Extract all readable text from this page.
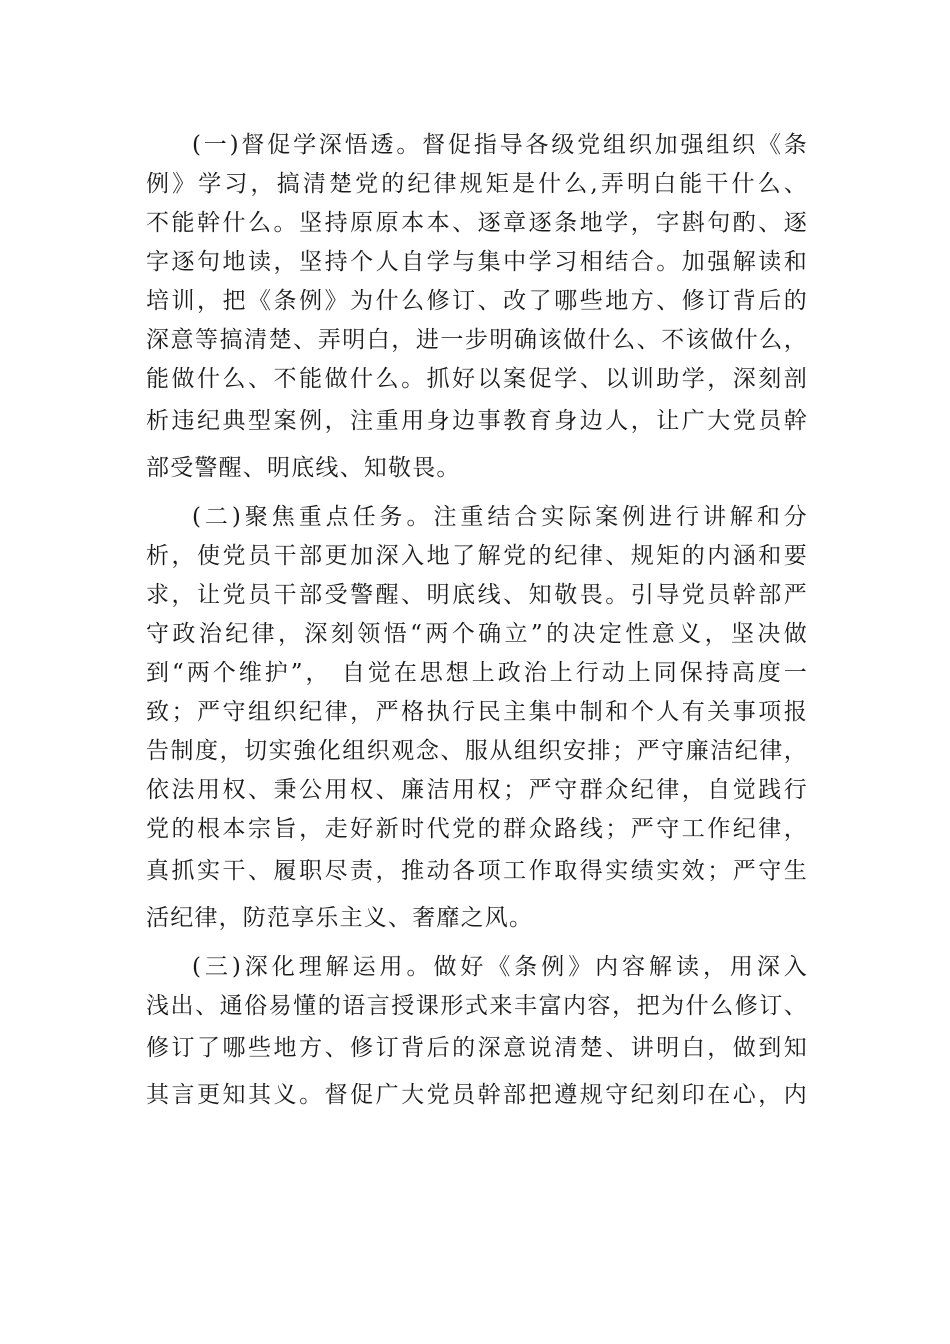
(一)督促学深悟透。督促指导各级党组织加强组织《条
例》学习，搞清楚党的纪律规矩是什么,弄明白能干什么、
不能幹什么。坚持原原本本、逐章逐条地学，字斟句酌、逐
字逐句地读，坚持个人自学与集中学习相结合。加强解读和
培训，把《条例》为什么修订、改了哪些地方、修订背后的
深意等搞清楚、弄明白，进一步明确该做什么、不该做什么，
能做什么、不能做什么。抓好以案促学、以训助学，深刻剖
析违纪典型案例，注重用身边事教育身边人，让广大党员幹
部受警醒、明底线、知敬畏。
(二)聚焦重点任务。注重结合实际案例进行讲解和分
析，使党员干部更加深入地了解党的纪律、规矩的内涵和要
求，让党员干部受警醒、明底线、知敬畏。引导党员幹部严
守政治纪律，深刻领悟“两个确立”的决定性意义，坚决做
到“两个维护”， 自觉在思想上政治上行动上同保持高度一
致；严守组织纪律，严格执行民主集中制和个人有关事项报
告制度，切实強化组织观念、服从组织安排；严守廉洁纪律，
依法用权、秉公用权、廉洁用权；严守群众纪律，自觉践行
党的根本宗旨，走好新时代党的群众路线；严守工作纪律，
真抓实干、履职尽责，推动各项工作取得实绩实效；严守生
活纪律，防范享乐主义、奢靡之风。
(三)深化理解运用。做好《条例》内容解读，用深入
浅出、通俗易懂的语言授课形式来丰富内容，把为什么修订、
修订了哪些地方、修订背后的深意说清楚、讲明白，做到知
其言更知其义。督促广大党员幹部把遵规守纪刻印在心，内
